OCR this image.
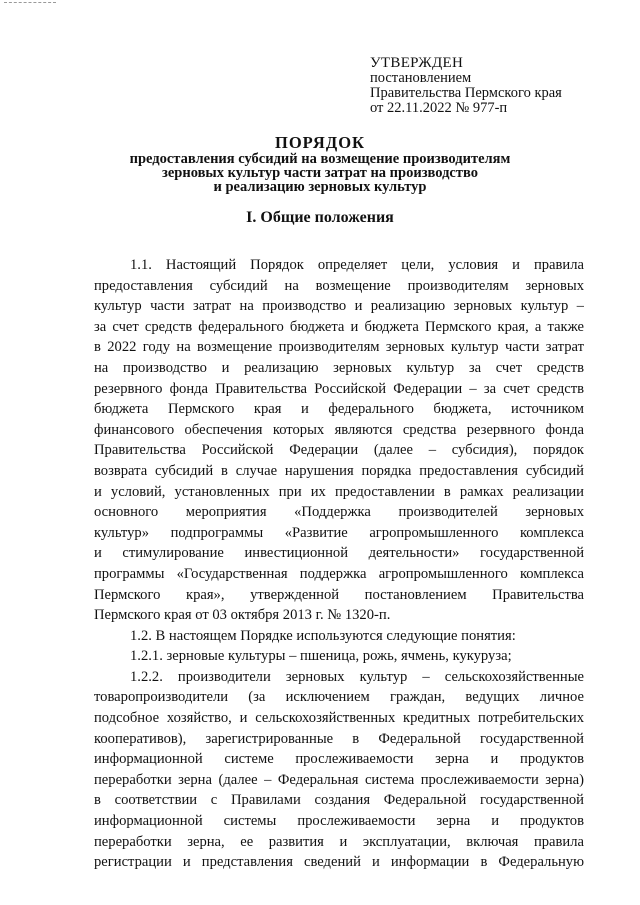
УТВЕРЖДЕН
постановлением
Правительства Пермского края
от 22.11.2022 № 977-п
ПОРЯДОК
предоставления субсидий на возмещение производителям
зерновых культур части затрат на производство
и реализацию зерновых культур
I. Общие положения
1.1. Настоящий Порядок определяет цели, условия и правила
предоставления субсидий на возмещение производителям зерновых
культур части затрат на производство и реализацию зерновых культур –
за счет средств федерального бюджета и бюджета Пермского края, а также
в 2022 году на возмещение производителям зерновых культур части затрат
на производство и реализацию зерновых культур за счет средств
резервного фонда Правительства Российской Федерации – за счет средств
бюджета Пермского края и федерального бюджета, источником
финансового обеспечения которых являются средства резервного фонда
Правительства Российской Федерации (далее – субсидия), порядок
возврата субсидий в случае нарушения порядка предоставления субсидий
и условий, установленных при их предоставлении в рамках реализации
основного мероприятия «Поддержка производителей зерновых
культур» подпрограммы «Развитие агропромышленного комплекса
и стимулирование инвестиционной деятельности» государственной
программы «Государственная поддержка агропромышленного комплекса
Пермского края», утвержденной постановлением Правительства
Пермского края от 03 октября 2013 г. № 1320-п.
1.2. В настоящем Порядке используются следующие понятия:
1.2.1. зерновые культуры – пшеница, рожь, ячмень, кукуруза;
1.2.2. производители зерновых культур – сельскохозяйственные
товаропроизводители (за исключением граждан, ведущих личное
подсобное хозяйство, и сельскохозяйственных кредитных потребительских
кооперативов), зарегистрированные в Федеральной государственной
информационной системе прослеживаемости зерна и продуктов
переработки зерна (далее – Федеральная система прослеживаемости зерна)
в соответствии с Правилами создания Федеральной государственной
информационной системы прослеживаемости зерна и продуктов
переработки зерна, ее развития и эксплуатации, включая правила
регистрации и представления сведений и информации в Федеральную
